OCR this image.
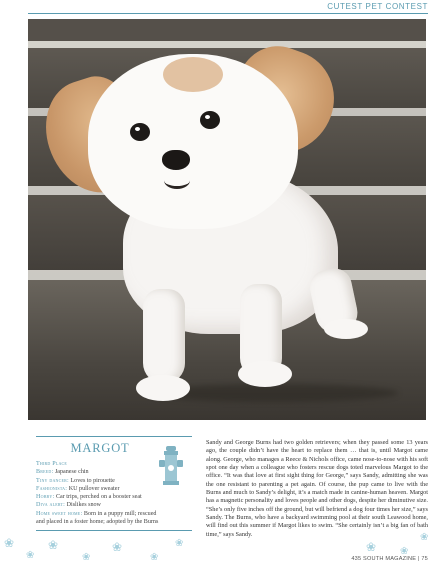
CUTEST PET CONTEST
MARGOT
Third Place
Breed: Japanese chin
Tiny dancer: Loves to pirouette
Fashionista: KU pullover sweater
Hobby: Car trips, perched on a booster seat
Diva alert: Dislikes snow
Home sweet home: Born in a puppy mill; rescued and placed in a foster home; adopted by the Burns

Sandy and George Burns had two golden retrievers; when they passed some 13 years ago, the couple didn’t have the heart to replace them … that is, until Margot came along. George, who manages a Reece & Nichols office, came nose-to-nose with his soft spot one day when a colleague who fosters rescue dogs toted marvelous Margot to the office. “It was that love at first sight thing for George,” says Sandy, admitting she was the one resistant to parenting a pet again. Of course, the pup came to live with the Burns and much to Sandy’s delight, it’s a match made in canine-human heaven. Margot has a magnetic personality and loves people and other dogs, despite her diminutive size. “She’s only five inches off the ground, but will befriend a dog four times her size,” says Sandy. The Burns, who have a backyard swimming pool at their south Leawood home, will find out this summer if Margot likes to swim. “She certainly isn’t a big fan of bath time,” says Sandy.

❀
❀
❀
❀
❀
❀
❀	❀ ❀
❀
435 SOUTH MAGAZINE | 75
